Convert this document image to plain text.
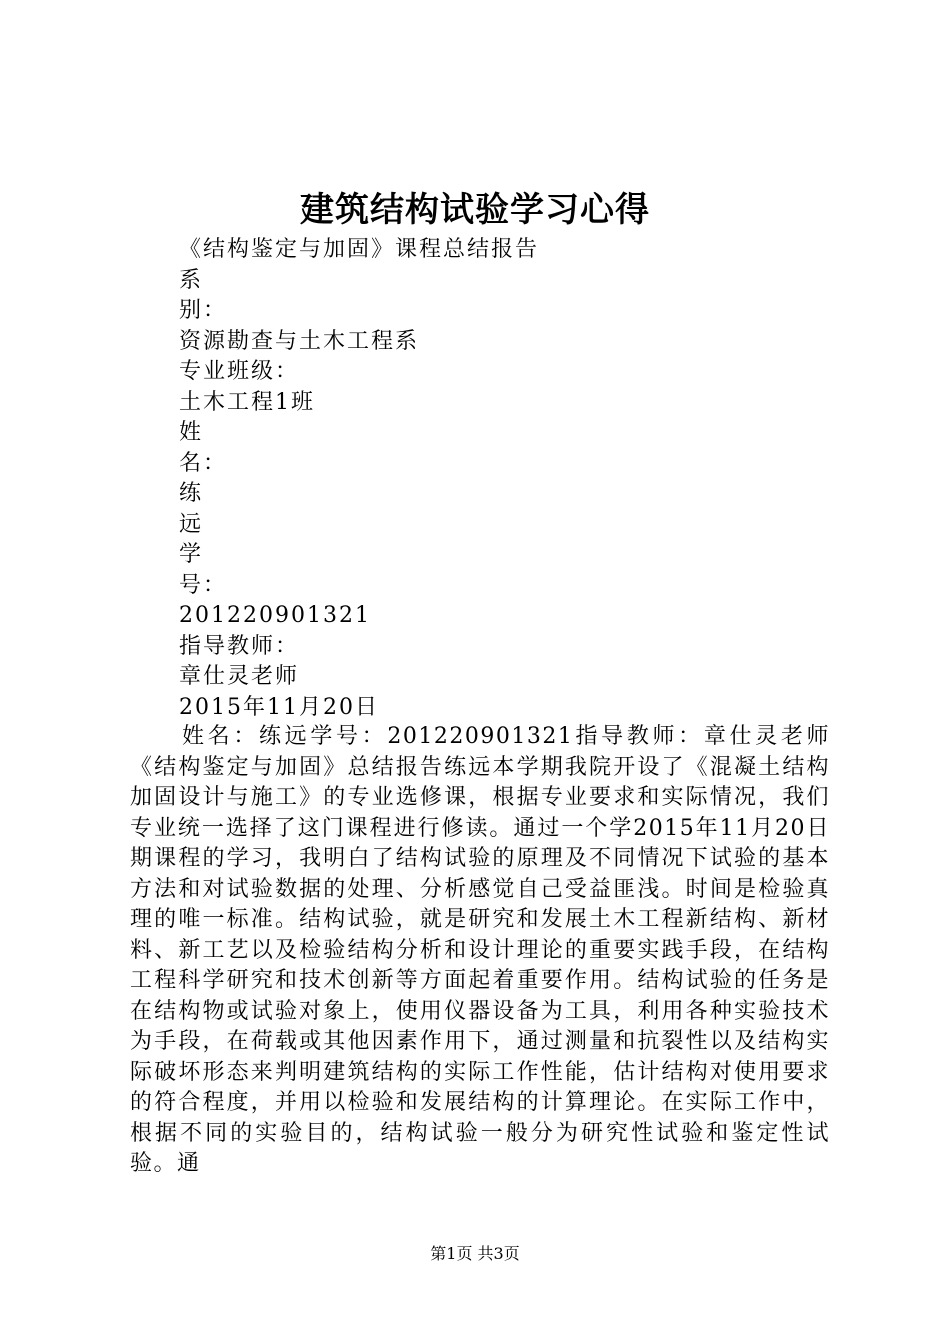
建筑结构试验学习心得
《结构鉴定与加固》课程总结报告
系
别：
资源勘查与土木工程系
专业班级：
土木工程1班
姓
名：
练
远
学
号：
201220901321
指导教师：
章仕灵老师
2015年11月20日
姓名：练远学号：201220901321指导教师：章仕灵老师《结构鉴定与加固》总结报告练远本学期我院开设了《混凝土结构加固设计与施工》的专业选修课，根据专业要求和实际情况，我们专业统一选择了这门课程进行修读。通过一个学2015年11月20日期课程的学习，我明白了结构试验的原理及不同情况下试验的基本方法和对试验数据的处理、分析感觉自己受益匪浅。时间是检验真理的唯一标准。结构试验，就是研究和发展土木工程新结构、新材料、新工艺以及检验结构分析和设计理论的重要实践手段，在结构工程科学研究和技术创新等方面起着重要作用。结构试验的任务是在结构物或试验对象上，使用仪器设备为工具，利用各种实验技术为手段，在荷载或其他因素作用下，通过测量和抗裂性以及结构实际破坏形态来判明建筑结构的实际工作性能，估计结构对使用要求的符合程度，并用以检验和发展结构的计算理论。在实际工作中，根据不同的实验目的，结构试验一般分为研究性试验和鉴定性试验。通
第1页 共3页
